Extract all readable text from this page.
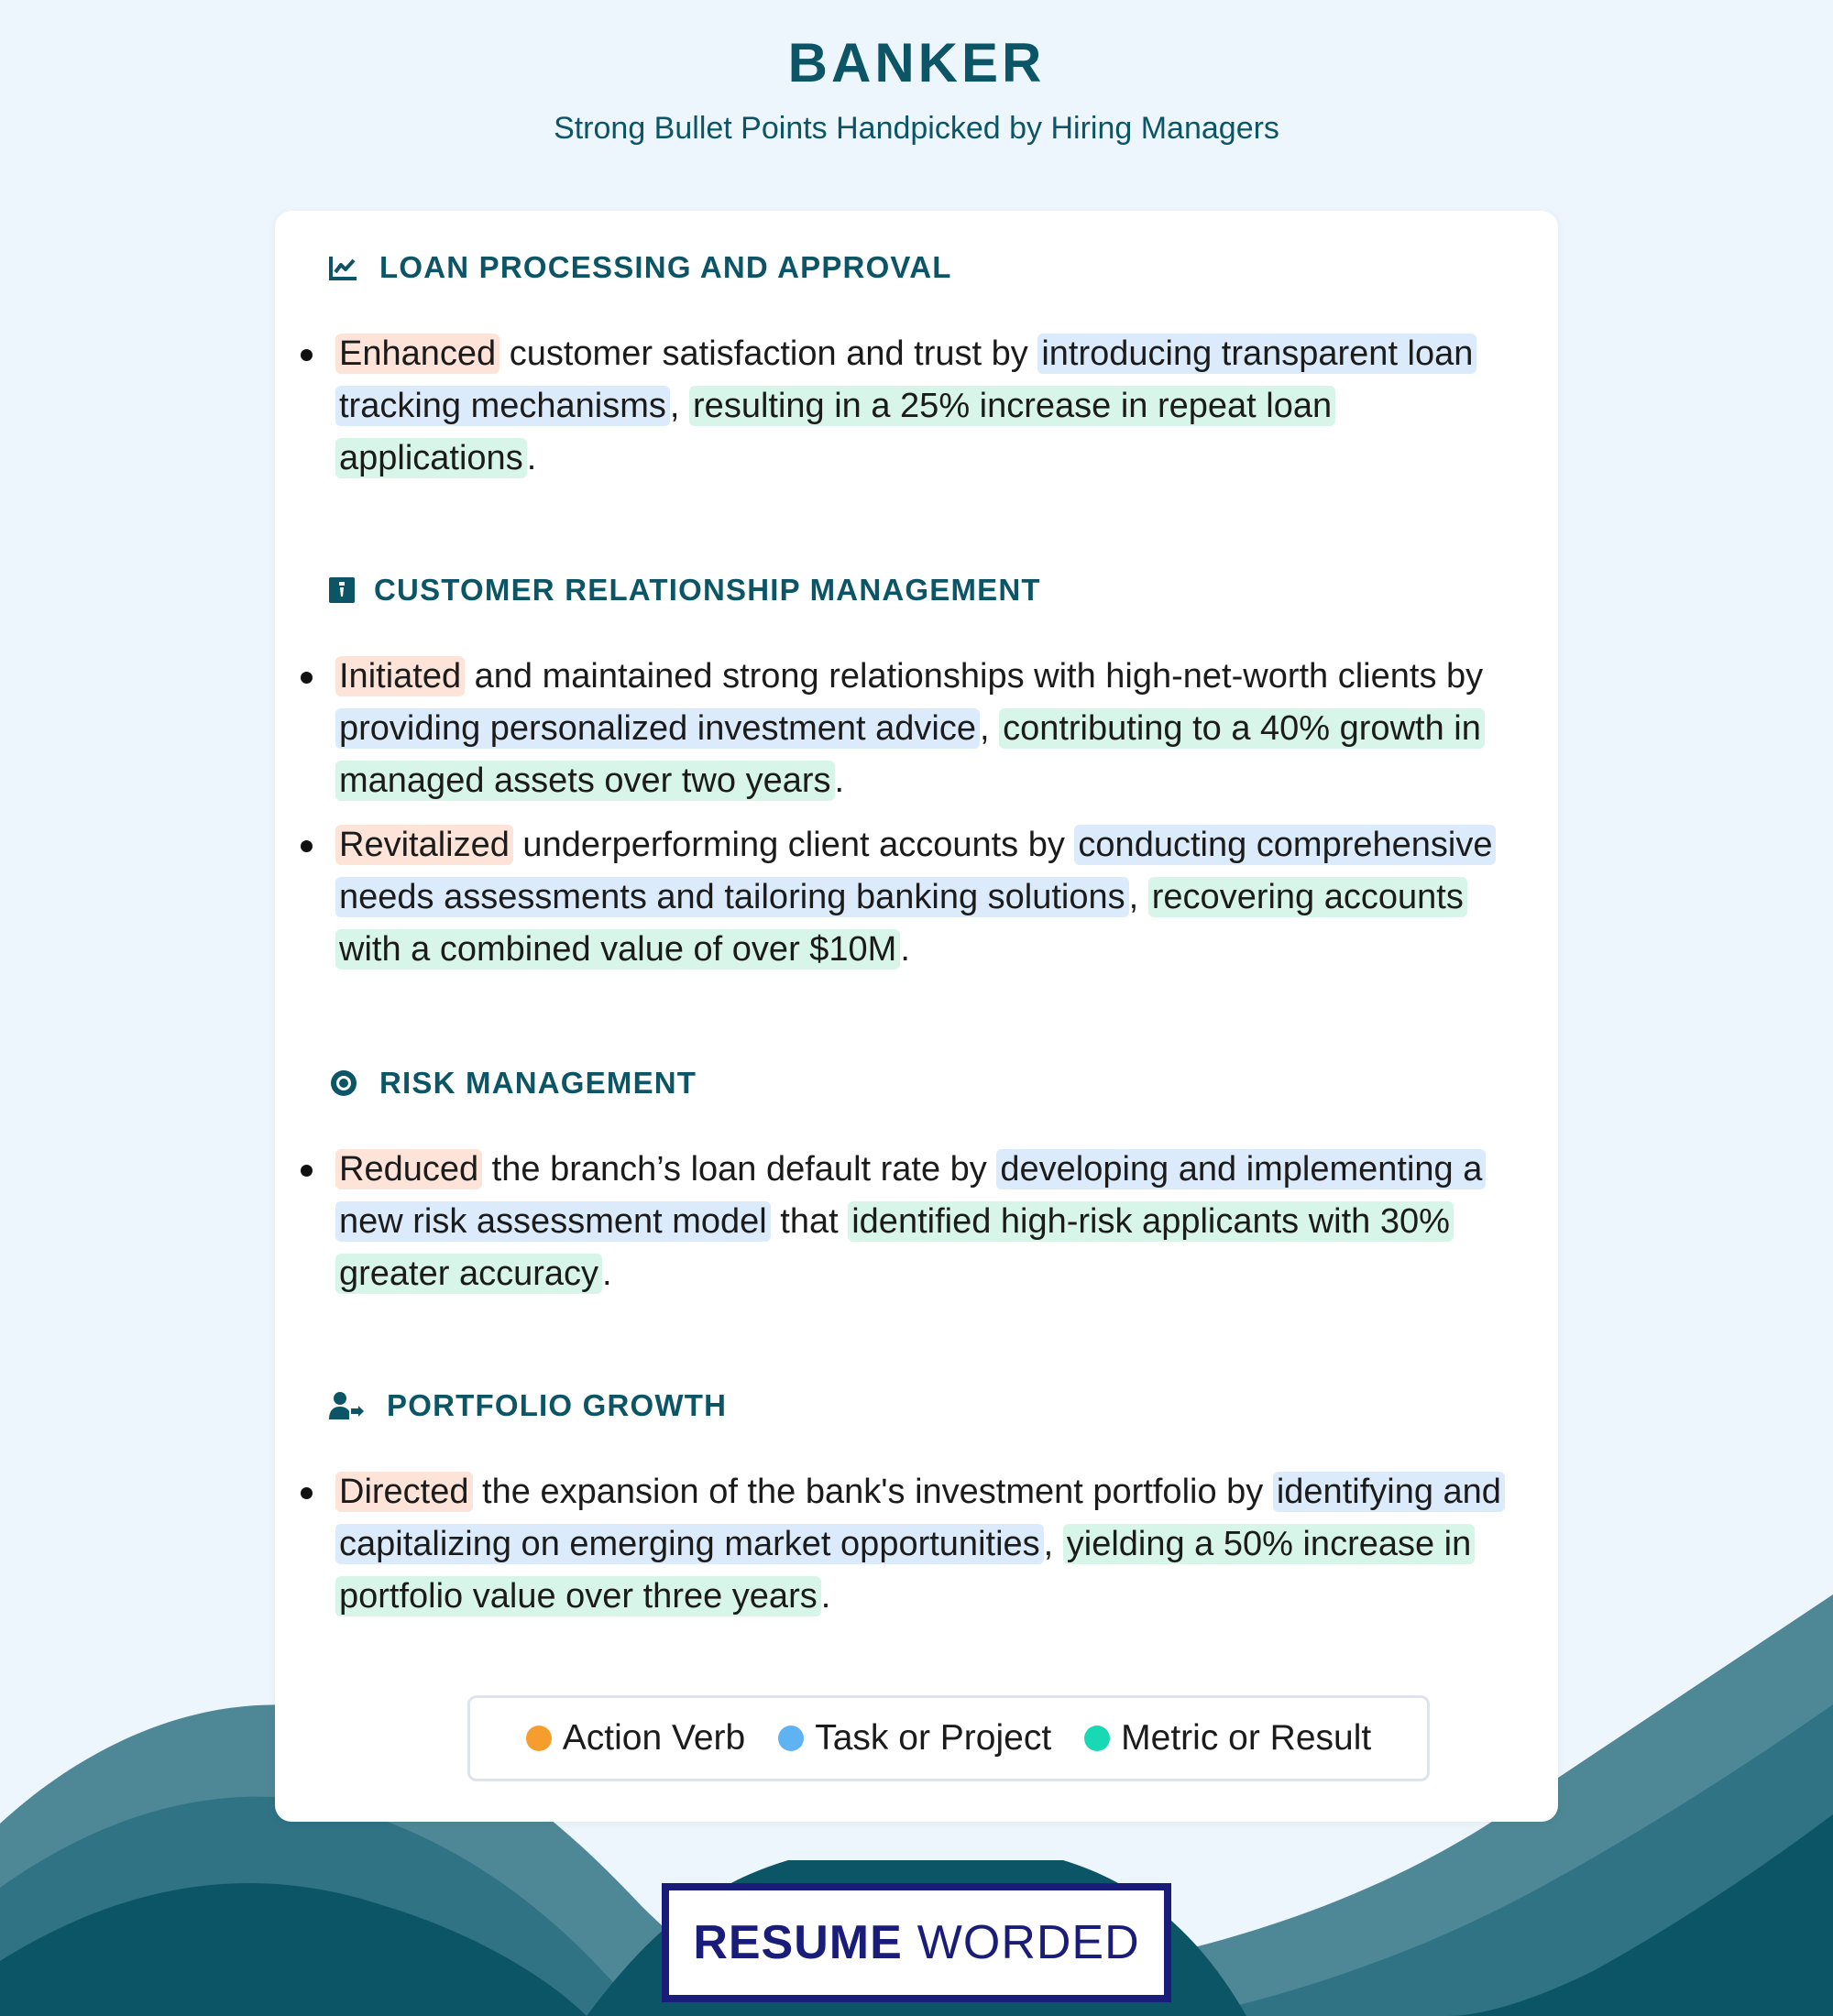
BANKER
Strong Bullet Points Handpicked by Hiring Managers
LOAN PROCESSING AND APPROVAL
Enhanced customer satisfaction and trust by introducing transparent loan tracking mechanisms , resulting in a 25% increase in repeat loan applications .
CUSTOMER RELATIONSHIP MANAGEMENT
Initiated and maintained strong relationships with high-net-worth clients by providing personalized investment advice , contributing to a 40% growth in managed assets over two years .
Revitalized underperforming client accounts by conducting comprehensive needs assessments and tailoring banking solutions , recovering accounts with a combined value of over $10M .
RISK MANAGEMENT
Reduced the branch’s loan default rate by developing and implementing a new risk assessment model that identified high-risk applicants with 30% greater accuracy .
PORTFOLIO GROWTH
Directed the expansion of the bank's investment portfolio by identifying and capitalizing on emerging market opportunities , yielding a 50% increase in portfolio value over three years .
Action Verb Task or Project Metric or Result
RESUME WORDED
